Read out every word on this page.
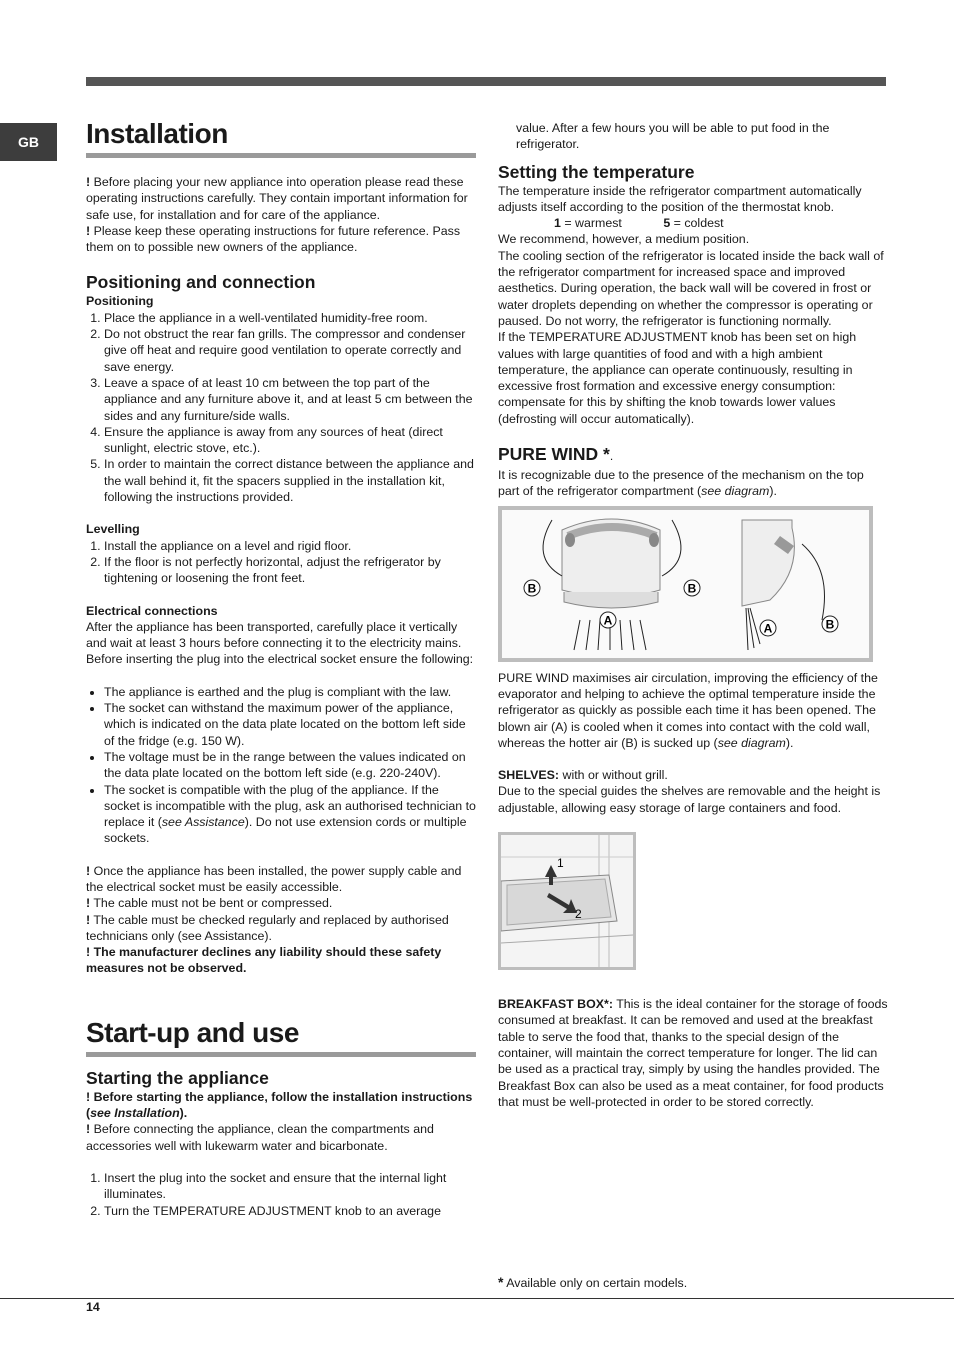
GB	Installation

! Before placing your new appliance into operation please read these operating instructions carefully. They contain important information for safe use, for installation and for care of the appliance.

! Please keep these operating instructions for future reference. Pass them on to possible new owners of the appliance.

Positioning and connection
Positioning
1. Place the appliance in a well-ventilated humidity-free room.
2. Do not obstruct the rear fan grills. The compressor and condenser give off heat and require good ventilation to operate correctly and save energy.
3. Leave a space of at least 10 cm between the top part of the appliance and any furniture above it, and at least 5 cm between the sides and any furniture/side walls.
4. Ensure the appliance is away from any sources of heat (direct sunlight, electric stove, etc.).
5. In order to maintain the correct distance between the appliance and the wall behind it, fit the spacers supplied in the installation kit, following the instructions provided.
Levelling
1. Install the appliance on a level and rigid floor.
2. If the floor is not perfectly horizontal, adjust the refrigerator by tightening or loosening the front feet.
Electrical connections

After the appliance has been transported, carefully place it vertically and wait at least 3 hours before connecting it to the electricity mains. Before inserting the plug into the electrical socket ensure the following:

• The appliance is earthed and the plug is compliant with the law.
• The socket can withstand the maximum power of the appliance, which is indicated on the data plate located on the bottom left side of the fridge (e.g. 150 W).
• The voltage must be in the range between the values indicated on the data plate located on the bottom left side (e.g. 220-240V).
• The socket is compatible with the plug of the appliance. If the socket is incompatible with the plug, ask an authorised technician to replace it (see Assistance). Do not use extension cords or multiple sockets.

! Once the appliance has been installed, the power supply cable and the electrical socket must be easily accessible.

! The cable must not be bent or compressed.

! The cable must be checked regularly and replaced by authorised technicians only (see Assistance).

! The manufacturer declines any liability should these safety measures not be observed.

Start-up and use
Starting the appliance

! Before starting the appliance, follow the installation instructions (see Installation).

! Before connecting the appliance, clean the compartments and accessories well with lukewarm water and bicarbonate.

1. Insert the plug into the socket and ensure that the internal light illuminates.
2. Turn the TEMPERATURE ADJUSTMENT knob to an average

value. After a few hours you will be able to put food in the refrigerator.

Setting the temperature

The temperature inside the refrigerator compartment automatically adjusts itself according to the position of the thermostat knob.

1 = warmest	5 = coldest

We recommend, however, a medium position.

The cooling section of the refrigerator is located inside the back wall of the refrigerator compartment for increased space and improved aesthetics. During operation, the back wall will be covered in frost or water droplets depending on whether the compressor is operating or paused. Do not worry, the refrigerator is functioning normally.

If the TEMPERATURE ADJUSTMENT knob has been set on high values with large quantities of food and with a high ambient temperature, the appliance can operate continuously, resulting in excessive frost formation and excessive energy consumption: compensate for this by shifting the knob towards lower values (defrosting will occur automatically).

PURE WIND *.

It is recognizable due to the presence of the mechanism on the top part of the refrigerator compartment (see diagram).

B	B
A
A	B

PURE WIND maximises air circulation, improving the efficiency of the evaporator and helping to achieve the optimal temperature inside the refrigerator as quickly as possible each time it has been opened. The blown air (A) is cooled when it comes into contact with the cold wall, whereas the hotter air (B) is sucked up (see diagram).

SHELVES: with or without grill.

Due to the special guides the shelves are removable and the height is adjustable, allowing easy storage of large containers and food.

1
2

BREAKFAST BOX*: This is the ideal container for the storage of foods consumed at breakfast. It can be removed and used at the breakfast table to serve the food that, thanks to the special design of the container, will maintain the correct temperature for longer. The lid can be used as a practical tray, simply by using the handles provided. The Breakfast Box can also be used as a meat container, for food products that must be well-protected in order to be stored correctly.

* Available only on certain models.
14
